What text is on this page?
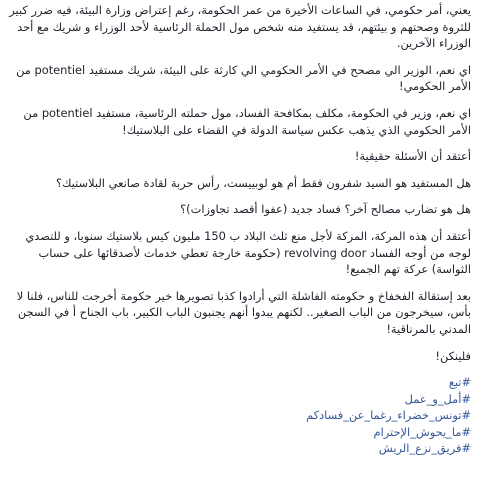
يعني، أمر حكومي، في الساعات الأخيرة من عمر الحكومة، رغم إعتراض وزارة البيئة، فيه ضرر كبير للثروة وصحتهم و بيئتهم، قد يستفيد منه شخص مول الحملة الرئاسية لأحد الوزراء و شريك مع أحد الوزراء الآخرين.

اي نعم، الوزير الي مصحح في الأمر الحكومي الي كارثة على البيئة، شريك مستفيد potentiel من الأمر الحكومي!

اي نعم، وزير في الحكومة، مكلف بمكافحة الفساد، مول حملته الرئاسية، مستفيد potentiel من الأمر الحكومي الذي يذهب عكس سياسة الدولة في القضاء على البلاستيك!

أعتقد أن الأسئلة حقيقية!

هل المستفيد هو السيد شفرون فقط أم هو لوبييست، رأس حربة لقادة صانعي البلاستيك؟

هل هو تضارب مصالح آخر؟ فساد جديد (عفوا أقصد تجاوزات)؟

أعتقد أن هذه المركة، المركة لأجل منع ثلث البلاد ب 150 مليون كيس بلاستيك سنويا، و للتصدي لوجه من أوجه الفساد revolving door (حكومة خارجة تعطي خدمات لأصدقائها على حساب الثواسة) عركة تهم الجميع!

بعد إستقالة الفخفاخ و حكومته الفاشلة التي أرادوا كذبا تصويرها خير حكومة أخرجت للناس، فلنا لا بأس، سيخرجون من الباب الصغير.. لكنهم يبدوا أنهم يجنبون الباب الكبير، باب الجناح أ في السجن المدني بالمرناقية!

فلينكن!

#تبع
#أمل_و_عمل
#تونس_خضراء_رغما_عن_فسادكم
#ما_يحوش_الإحترام
#فريق_نزع_الريش
